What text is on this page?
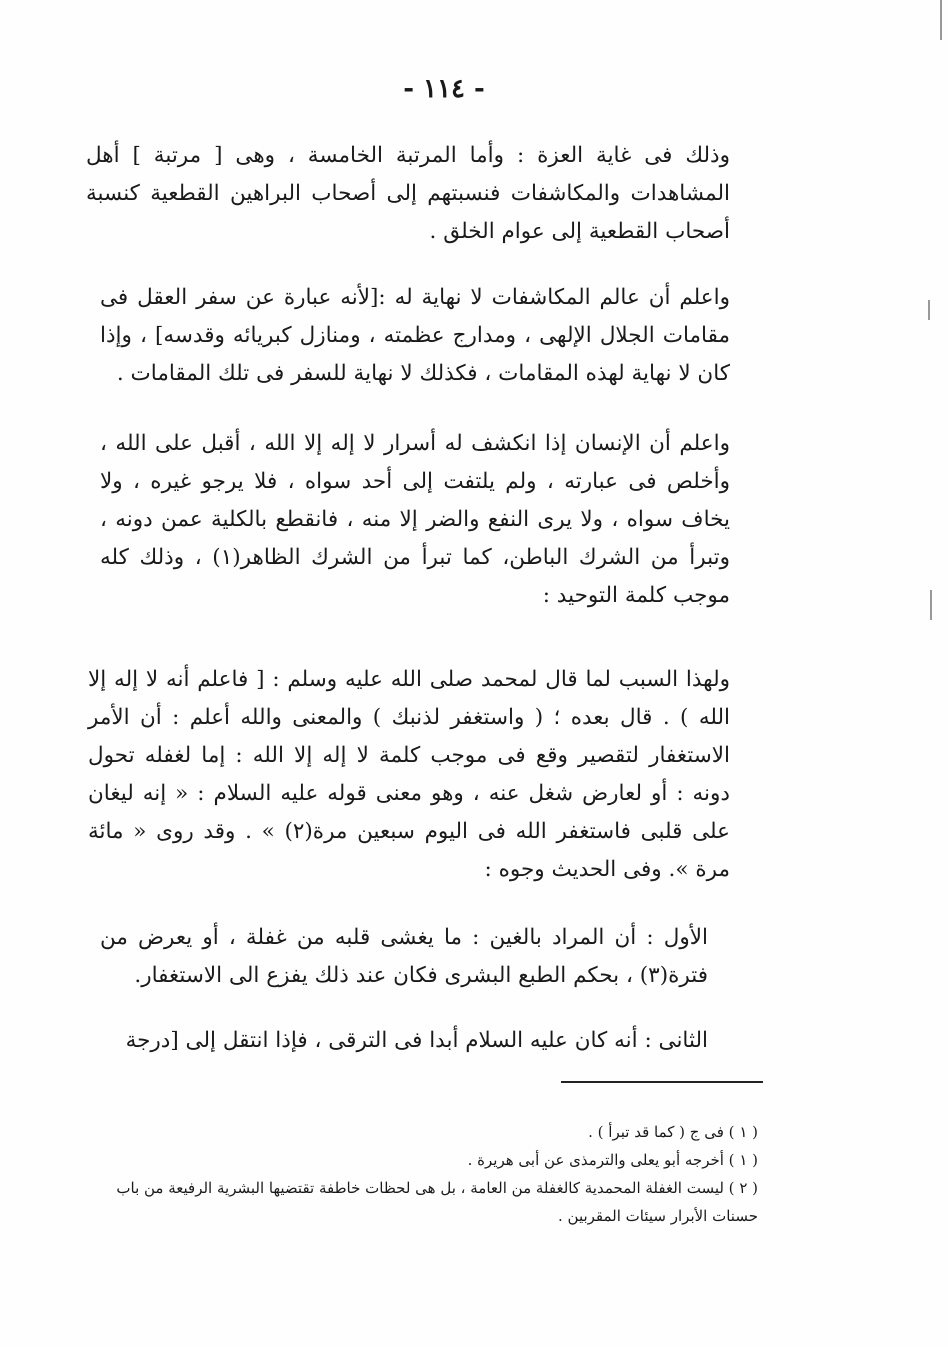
- ١١٤ -

وذلك فى غاية العزة : وأما المرتبة الخامسة ، وهى [ مرتبة ] أهل المشاهدات والمكاشفات فنسبتهم إلى أصحاب البراهين القطعية كنسبة أصحاب القطعية إلى عوام الخلق .

واعلم أن عالم المكاشفات لا نهاية له :[لأنه عبارة عن سفر العقل فى مقامات الجلال الإلهى ، ومدارج عظمته ، ومنازل كبريائه وقدسه] ، وإذا كان لا نهاية لهذه المقامات ، فكذلك لا نهاية للسفر فى تلك المقامات .

واعلم أن الإنسان إذا انكشف له أسرار لا إله إلا الله ، أقبل على الله ، وأخلص فى عبارته ، ولم يلتفت إلى أحد سواه ، فلا يرجو غيره ، ولا يخاف سواه ، ولا يرى النفع والضر إلا منه ، فانقطع بالكلية عمن دونه ، وتبرأ من الشرك الباطن، كما تبرأ من الشرك الظاهر(١) ، وذلك كله موجب كلمة التوحيد :

ولهذا السبب لما قال لمحمد صلى الله عليه وسلم : [ فاعلم أنه لا إله إلا الله ) . قال بعده ؛ ( واستغفر لذنبك ) والمعنى والله أعلم : أن الأمر الاستغفار لتقصير وقع فى موجب كلمة لا إله إلا الله : إما لغفله تحول دونه : أو لعارض شغل عنه ، وهو معنى قوله عليه السلام : « إنه ليغان على قلبى فاستغفر الله فى اليوم سبعين مرة(٢) » . وقد روى « مائة مرة ». وفى الحديث وجوه :

الأول : أن المراد بالغين : ما يغشى قلبه من غفلة ، أو يعرض من فترة(٣) ، بحكم الطبع البشرى فكان عند ذلك يفزع الى الاستغفار.

الثانى : أنه كان عليه السلام أبدا فى الترقى ، فإذا انتقل إلى [درجة

( ١ ) فى ج ( كما قد تبرأ ) .
( ١ ) أخرجه أبو يعلى والترمذى عن أبى هريرة .
( ٢ ) ليست الغفلة المحمدية كالغفلة من العامة ، بل هى لحظات خاطفة تقتضيها البشرية الرفيعة من باب حسنات الأبرار سيئات المقربين .
